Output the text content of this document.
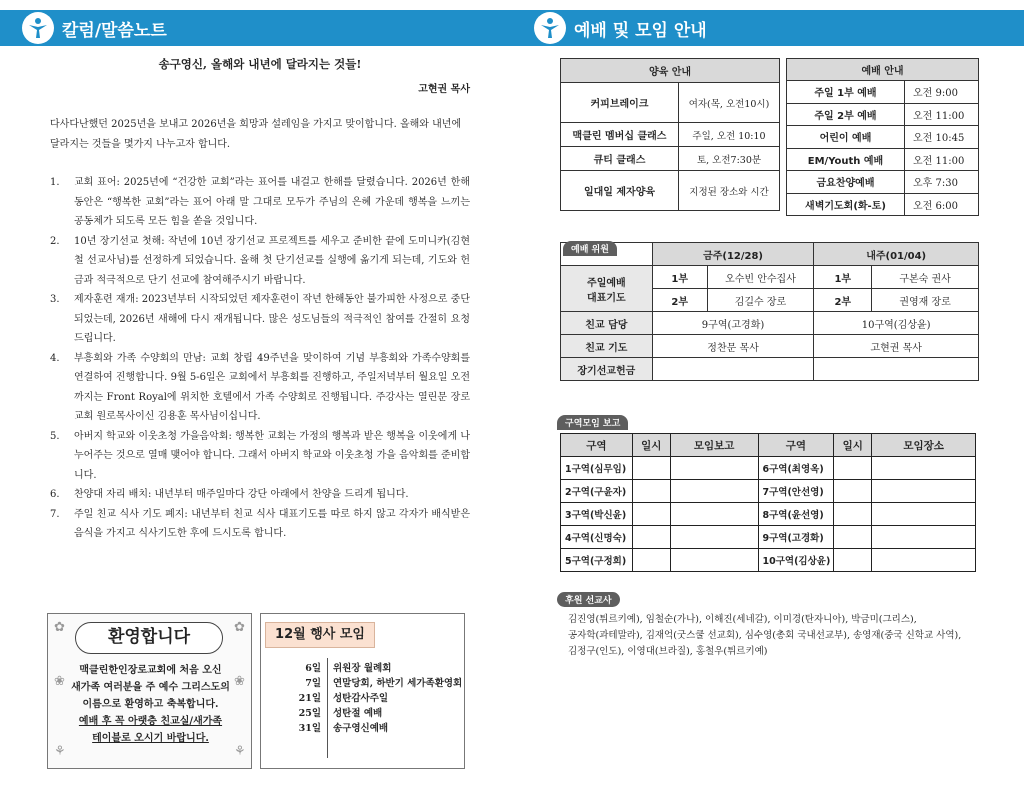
칼럼/말씀노트	예배 및 모임 안내
송구영신, 올해와 내년에 달라지는 것들!
고현권 목사
다사다난했던 2025년을 보내고 2026년을 희망과 설레임을 가지고 맞이합니다. 올해와 내년에 달라지는 것들을 몇가지 나누고자 합니다.
1.	교회 표어: 2025년에 “건강한 교회”라는 표어를 내걸고 한해를 달렸습니다. 2026년 한해동안은 “행복한 교회”라는 표어 아래 말 그대로 모두가 주님의 은혜 가운데 행복을 느끼는 공동체가 되도록 모든 힘을 쏟을 것입니다.
2.	10년 장기선교 첫해: 작년에 10년 장기선교 프로젝트를 세우고 준비한 끝에 도미니카(김현철 선교사님)를 선정하게 되었습니다. 올해 첫 단기선교를 실행에 옮기게 되는데, 기도와 헌금과 적극적으로 단기 선교에 참여해주시기 바랍니다.
3.	제자훈련 재개: 2023년부터 시작되었던 제자훈련이 작년 한해동안 불가피한 사정으로 중단되었는데, 2026년 새해에 다시 재개됩니다. 많은 성도님들의 적극적인 참여를 간절히 요청드립니다.
4.	부흥회와 가족 수양회의 만남: 교회 창립 49주년을 맞이하여 기념 부흥회와 가족수양회를 연결하여 진행합니다. 9월 5-6일은 교회에서 부흥회를 진행하고, 주일저녁부터 월요일 오전까지는 Front Royal에 위치한 호텔에서 가족 수양회로 진행됩니다. 주강사는 열린문 장로교회 원로목사이신 김용훈 목사님이십니다.
5.	아버지 학교와 이웃초청 가을음악회: 행복한 교회는 가정의 행복과 받은 행복을 이웃에게 나누어주는 것으로 열매 맺어야 합니다. 그래서 아버지 학교와 이웃초청 가을 음악회를 준비합니다.
6.	찬양대 자리 배치: 내년부터 매주일마다 강단 아래에서 찬양을 드리게 됩니다.
7.	주일 친교 식사 기도 폐지: 내년부터 친교 식사 대표기도를 따로 하지 않고 각자가 배식받은 음식을 가지고 식사기도한 후에 드시도록 합니다.
✿	✿
❀	❀
⚘	⚘
환영합니다
맥클린한인장로교회에 처음 오신
새가족 여러분을 주 예수 그리스도의
이름으로 환영하고 축복합니다.
예배 후 꼭 아랫층 친교실/새가족
테이블로 오시기 바랍니다.
12월 행사 모임
6일 위원장 월례회
7일 연말당회, 하반기 세가족환영회
21일 성탄감사주일
25일 성탄절 예배
31일 송구영신예배
양육 안내	
커피브레이크	여자(목, 오전10시)
맥클린 멤버십 클래스	주일, 오전 10:10
큐티 클래스	토, 오전7:30분
일대일 제자양육	지정된 장소와 시간
예배 안내	
주일 1부 예배	오전 9:00
주일 2부 예배	오전 11:00
어린이 예배	오전 10:45
EM/Youth 예배	오전 11:00
금요찬양예배	오후 7:30
새벽기도회(화-토)	오전 6:00
예배 위원
	금주(12/28)		내주(01/04)	

주일예배
대표기도	1부	오수빈 안수집사	1부	구본숙 권사
	2부	김길수 장로	2부	권영재 장로
친교 담당	9구역(고경화)		10구역(김상윤)	
친교 기도	정찬문 목사		고현권 목사	
장기선교헌금				
구역모임 보고
구역	일시	모임보고	구역	일시	모임장소
1구역(심무임)			6구역(최영옥)		
2구역(구윤자)			7구역(안선영)		
3구역(박신윤)			8구역(윤선영)		
4구역(신명숙)			9구역(고경화)		
5구역(구정희)			10구역(김상윤)		
후원 선교사
김진영(튀르키예), 임철순(가나), 이해진(세네갈), 이미경(탄자니아), 박금미(그리스),
공자학(과테말라), 김재억(굿스쿨 선교회), 심수영(총회 국내선교부), 송영재(중국 신학교 사역),
김정구(인도), 이영대(브라질), 홍철우(튀르키예)
